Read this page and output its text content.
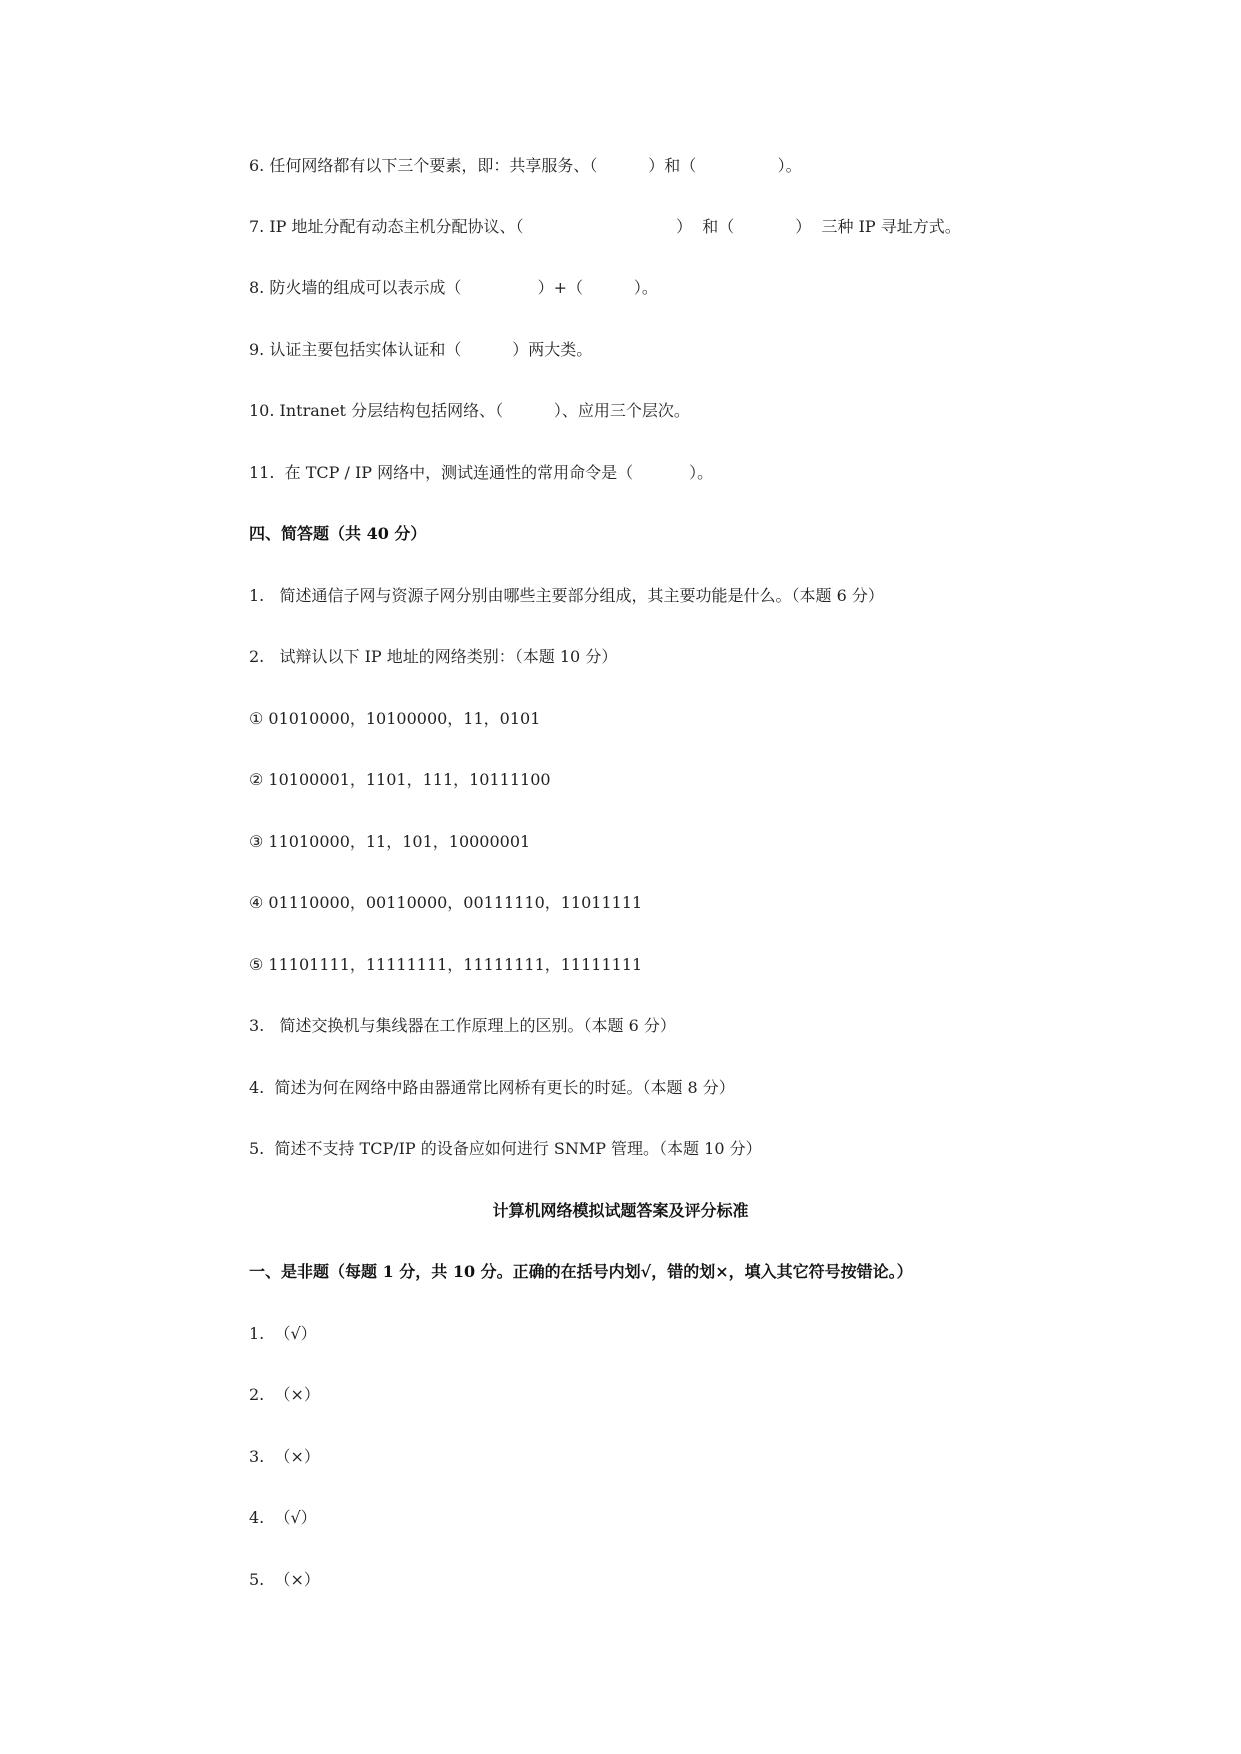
6. 任何网络都有以下三个要素，即：共享服务、（          ）和（                ）。
7. IP 地址分配有动态主机分配协议、（                              ）  和（            ）  三种 IP 寻址方式。
8. 防火墙的组成可以表示成（               ）+（          ）。
9. 认证主要包括实体认证和（          ）两大类。
10. Intranet 分层结构包括网络、（          ）、应用三个层次。
11.  在 TCP / IP 网络中，测试连通性的常用命令是（           ）。
四、简答题（共 40 分）
1.   简述通信子网与资源子网分别由哪些主要部分组成，其主要功能是什么。（本题 6 分）
2.   试辩认以下 IP 地址的网络类别：（本题 10 分）
① 01010000，10100000，11，0101
② 10100001，1101，111，10111100
③ 11010000，11，101，10000001
④ 01110000，00110000，00111110，11011111
⑤ 11101111，11111111，11111111，11111111
3.   简述交换机与集线器在工作原理上的区别。（本题 6 分）
4.  简述为何在网络中路由器通常比网桥有更长的时延。（本题 8 分）
5.  简述不支持 TCP/IP 的设备应如何进行 SNMP 管理。（本题 10 分）
计算机网络模拟试题答案及评分标准
一、是非题（每题 1 分，共 10 分。正确的在括号内划√，错的划×，填入其它符号按错论。）
1.  （√）
2.  （×）
3.  （×）
4.  （√）
5.  （×）
